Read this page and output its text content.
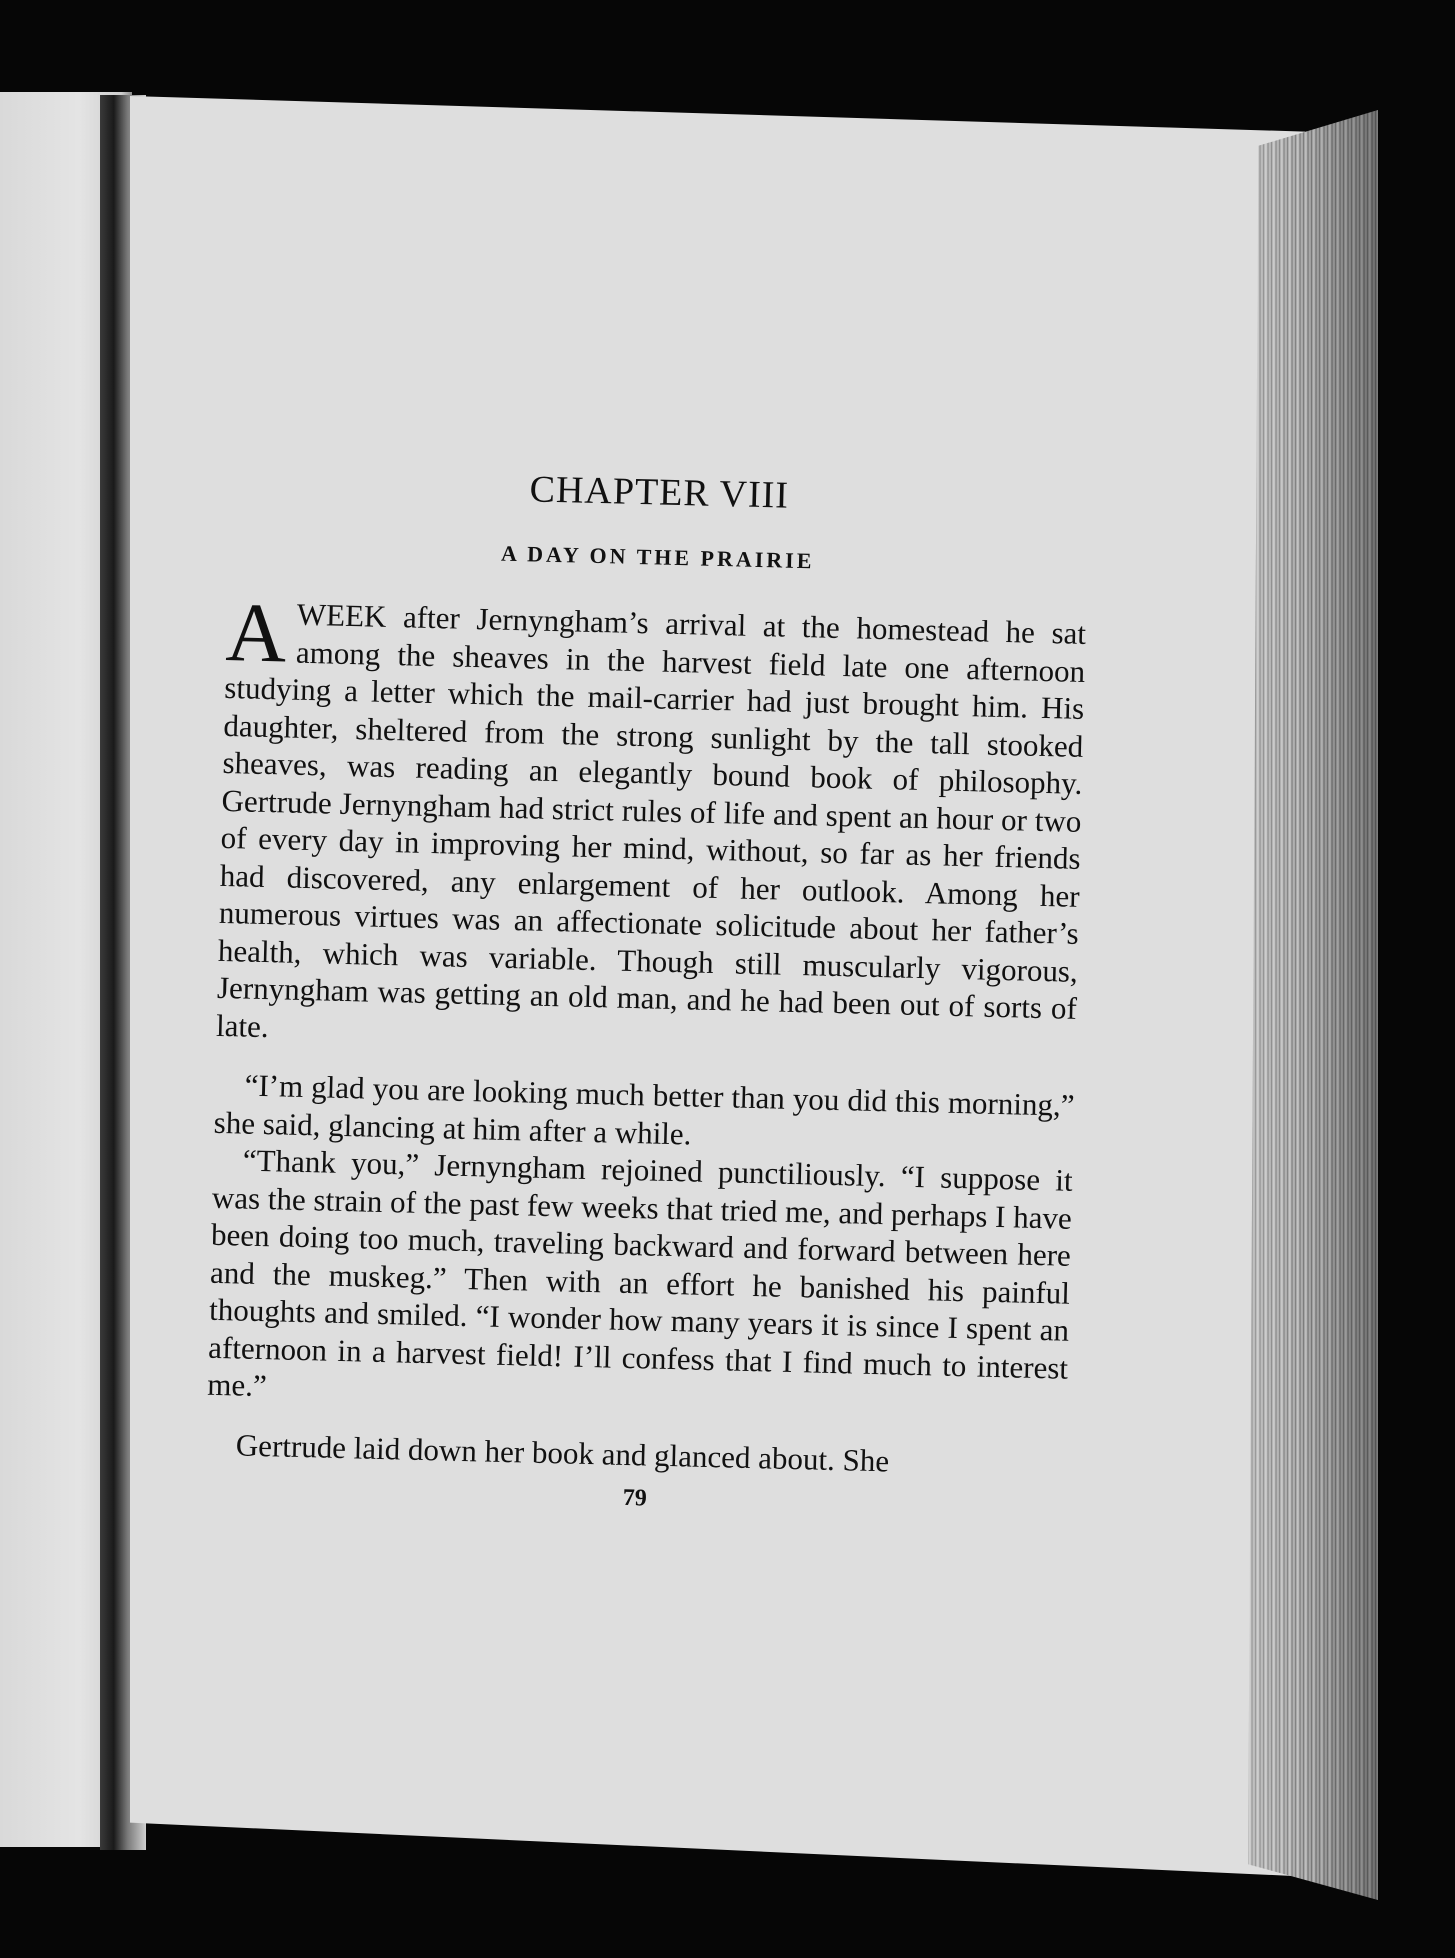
CHAPTER VIII
A DAY ON THE PRAIRIE

AWEEK after Jernyngham’s arrival at the homestead he sat among the sheaves in the harvest field late one afternoon studying a letter which the mail-carrier had just brought him. His daughter, sheltered from the strong sunlight by the tall stooked sheaves, was reading an elegantly bound book of philosophy. Gertrude Jernyngham had strict rules of life and spent an hour or two of every day in improving her mind, without, so far as her friends had discovered, any enlargement of her outlook. Among her numerous virtues was an affectionate solicitude about her father’s health, which was variable. Though still muscularly vigorous, Jernyngham was getting an old man, and he had been out of sorts of late.

“I’m glad you are looking much better than you did this morning,” she said, glancing at him after a while.

“Thank you,” Jernyngham rejoined punctiliously. “I suppose it was the strain of the past few weeks that tried me, and perhaps I have been doing too much, traveling backward and forward between here and the muskeg.” Then with an effort he banished his painful thoughts and smiled. “I wonder how many years it is since I spent an afternoon in a harvest field! I’ll confess that I find much to interest me.”

Gertrude laid down her book and glanced about. She

79
